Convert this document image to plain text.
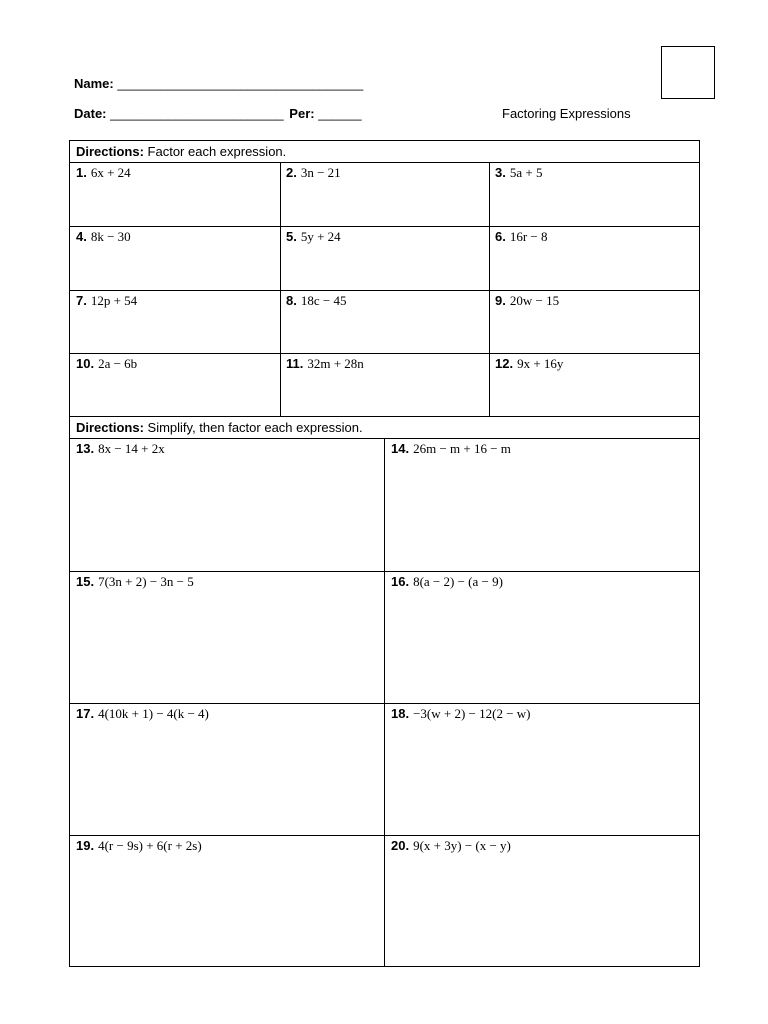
Name: __________________________________
Date: ________________________ Per: ______	Factoring Expressions
Directions: Factor each expression.
1. 6x + 24	2. 3n − 21	3. 5a + 5
4. 8k − 30	5. 5y + 24	6. 16r − 8
7. 12p + 54	8. 18c − 45	9. 20w − 15
10. 2a − 6b	11. 32m + 28n	12. 9x + 16y
Directions: Simplify, then factor each expression.
13. 8x − 14 + 2x	14. 26m − m + 16 − m
15. 7(3n + 2) − 3n − 5	16. 8(a − 2) − (a − 9)
17. 4(10k + 1) − 4(k − 4)	18. −3(w + 2) − 12(2 − w)
19. 4(r − 9s) + 6(r + 2s)	20. 9(x + 3y) − (x − y)
